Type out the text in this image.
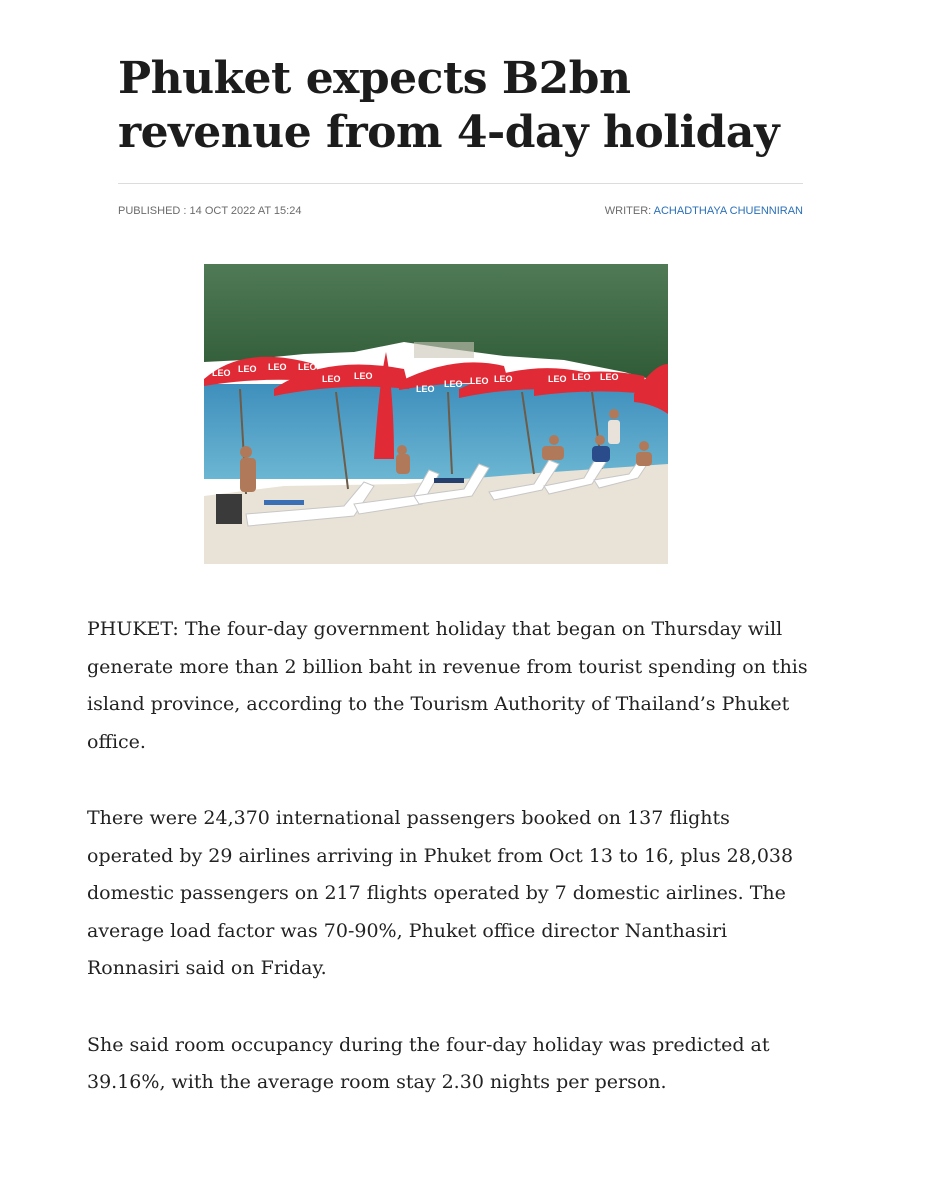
Phuket expects B2bn revenue from 4-day holiday
PUBLISHED : 14 OCT 2022 AT 15:24	WRITER: ACHADTHAYA CHUENNIRAN
LEO LEO LEO LEO
LEO LEO
LEO LEO LEO LEO	LEO LEO LEO

PHUKET: The four-day government holiday that began on Thursday will generate more than 2 billion baht in revenue from tourist spending on this island province, according to the Tourism Authority of Thailand’s Phuket office.

There were 24,370 international passengers booked on 137 flights operated by 29 airlines arriving in Phuket from Oct 13 to 16, plus 28,038 domestic passengers on 217 flights operated by 7 domestic airlines. The average load factor was 70-90%, Phuket office director Nanthasiri Ronnasiri said on Friday.

She said room occupancy during the four-day holiday was predicted at 39.16%, with the average room stay 2.30 nights per person.
